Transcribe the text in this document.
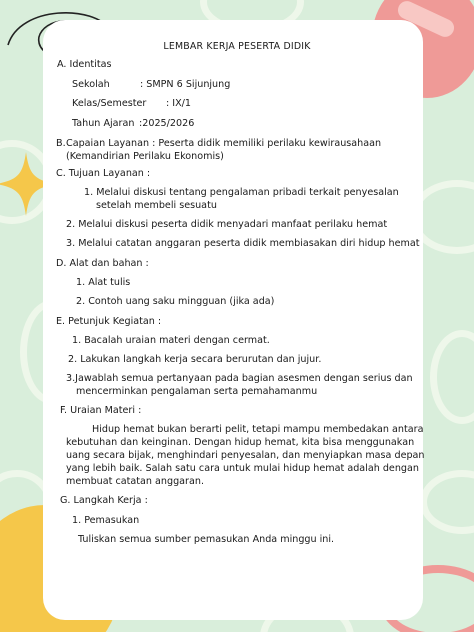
LEMBAR KERJA PESERTA DIDIK
A. Identitas
Sekolah	: SMPN 6 Sijunjung
Kelas/Semester : IX/1
Tahun Ajaran :2025/2026
B. Capaian Layanan : Peserta didik memiliki perilaku kewirausahaan
(Kemandirian Perilaku Ekonomis)
C. Tujuan Layanan :
1. Melalui diskusi tentang pengalaman pribadi terkait penyesalan
setelah membeli sesuatu
2. Melalui diskusi peserta didik menyadari manfaat perilaku hemat
3. Melalui catatan anggaran peserta didik membiasakan diri hidup hemat
D. Alat dan bahan :
1. Alat tulis
2. Contoh uang saku mingguan (jika ada)
E. Petunjuk Kegiatan :
1. Bacalah uraian materi dengan cermat.
2. Lakukan langkah kerja secara berurutan dan jujur.
3.Jawablah semua pertanyaan pada bagian asesmen dengan serius dan
mencerminkan pengalaman serta pemahamanmu
F. Uraian Materi :
Hidup hemat bukan berarti pelit, tetapi mampu membedakan antara
kebutuhan dan keinginan. Dengan hidup hemat, kita bisa menggunakan
uang secara bijak, menghindari penyesalan, dan menyiapkan masa depan
yang lebih baik. Salah satu cara untuk mulai hidup hemat adalah dengan
membuat catatan anggaran.
G. Langkah Kerja :
1. Pemasukan
Tuliskan semua sumber pemasukan Anda minggu ini.
